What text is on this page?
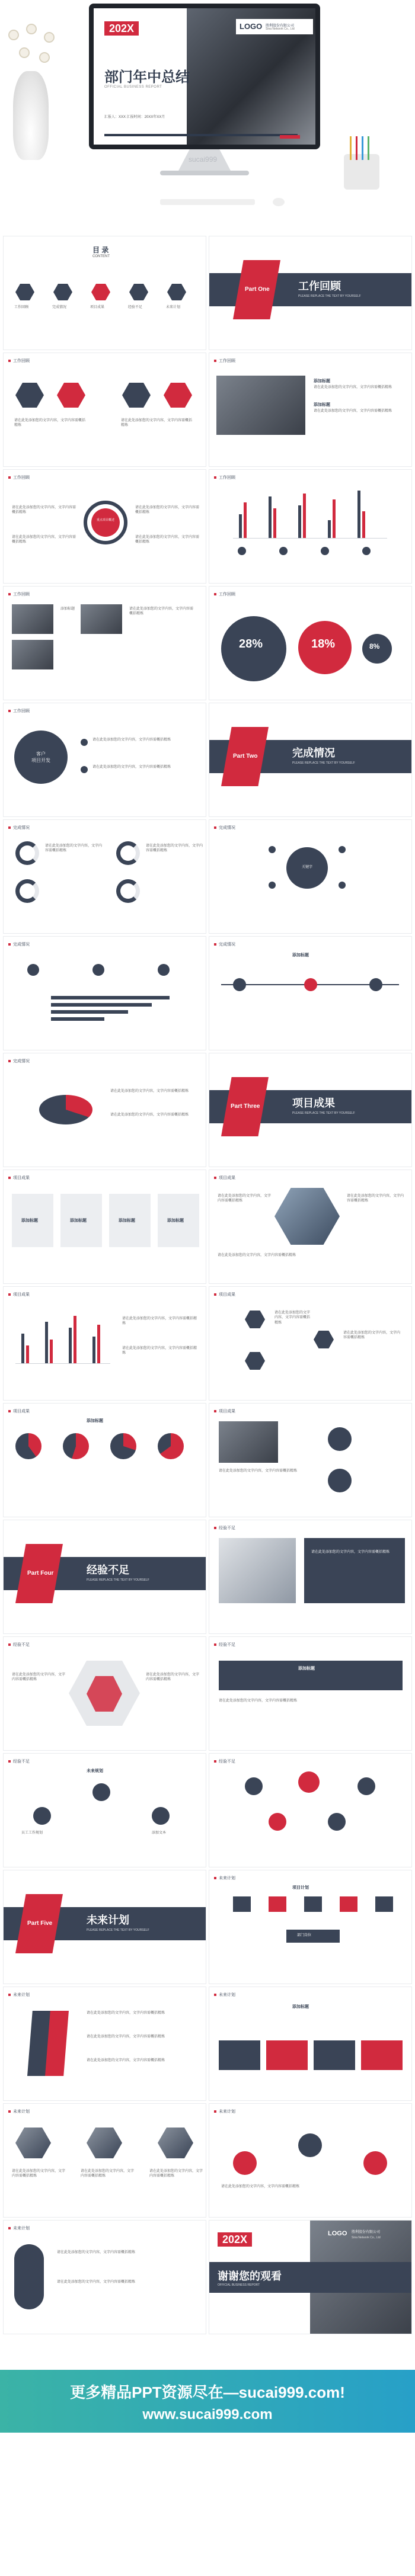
202X	LOGO 胜利股份有限公司
Sina Network Co., Ltd
部门年中总结
OFFICIAL BUSINESS REPORT
汇报人：XXX 汇报时间：20XX年XX月
sucai999
目 录
CONTENT
工作回顾	完成情况	项目成果	经验不足	未来计划
Part One	工作回顾
PLEASE REPLACE THE TEXT BY YOURSELF
工作回顾
请在此处添加您的文字内容，文字内容需概括精炼
请在此处添加您的文字内容，文字内容需概括精炼
工作回顾
添加标题
请在此处添加您的文字内容，文字内容需概括精炼
添加标题
请在此处添加您的文字内容，文字内容需概括精炼
工作回顾
重点项目概述
请在此处添加您的文字内容，文字内容需概括精炼
请在此处添加您的文字内容，文字内容需概括精炼
请在此处添加您的文字内容，文字内容需概括精炼
请在此处添加您的文字内容，文字内容需概括精炼
工作回顾
工作回顾
添加标题	请在此处添加您的文字内容，文字内容需概括精炼
工作回顾
28%	18%	8%
工作回顾
客户
项目开发
请在此处添加您的文字内容，文字内容需概括精炼
请在此处添加您的文字内容，文字内容需概括精炼
Part Two	完成情况
PLEASE REPLACE THE TEXT BY YOURSELF
完成情况
请在此处添加您的文字内容，文字内容需概括精炼
请在此处添加您的文字内容，文字内容需概括精炼
完成情况
关键字
完成情况	完成情况
添加标题
完成情况
请在此处添加您的文字内容，文字内容需概括精炼
请在此处添加您的文字内容，文字内容需概括精炼
Part Three	项目成果
PLEASE REPLACE THE TEXT BY YOURSELF
项目成果
添加标题	添加标题	添加标题	添加标题
项目成果
请在此处添加您的文字内容，文字内容需概括精炼
请在此处添加您的文字内容，文字内容需概括精炼
请在此处添加您的文字内容，文字内容需概括精炼
项目成果
请在此处添加您的文字内容，文字内容需概括精炼
请在此处添加您的文字内容，文字内容需概括精炼
项目成果
请在此处添加您的文字内容，文字内容需概括精炼
请在此处添加您的文字内容，文字内容需概括精炼
项目成果
添加标题
项目成果
请在此处添加您的文字内容，文字内容需概括精炼
Part Four	经验不足
PLEASE REPLACE THE TEXT BY YOURSELF
经验不足
请在此处添加您的文字内容，文字内容需概括精炼
经验不足
请在此处添加您的文字内容，文字内容需概括精炼
请在此处添加您的文字内容，文字内容需概括精炼
经验不足
添加标题
请在此处添加您的文字内容，文字内容需概括精炼
经验不足
未来规划
员工工作规划	添加文本
经验不足
Part Five	未来计划
PLEASE REPLACE THE TEXT BY YOURSELF
未来计划
项目计划
部门岗位
未来计划
请在此处添加您的文字内容，文字内容需概括精炼
请在此处添加您的文字内容，文字内容需概括精炼
请在此处添加您的文字内容，文字内容需概括精炼
未来计划
添加标题
未来计划
请在此处添加您的文字内容，文字内容需概括精炼
请在此处添加您的文字内容，文字内容需概括精炼
请在此处添加您的文字内容，文字内容需概括精炼
未来计划
请在此处添加您的文字内容，文字内容需概括精炼
未来计划
请在此处添加您的文字内容，文字内容需概括精炼
请在此处添加您的文字内容，文字内容需概括精炼
202X	LOGO 胜利股份有限公司
Sina Network Co., Ltd
谢谢您的观看
OFFICIAL BUSINESS REPORT
更多精品PPT资源尽在—sucai999.com!
www.sucai999.com
